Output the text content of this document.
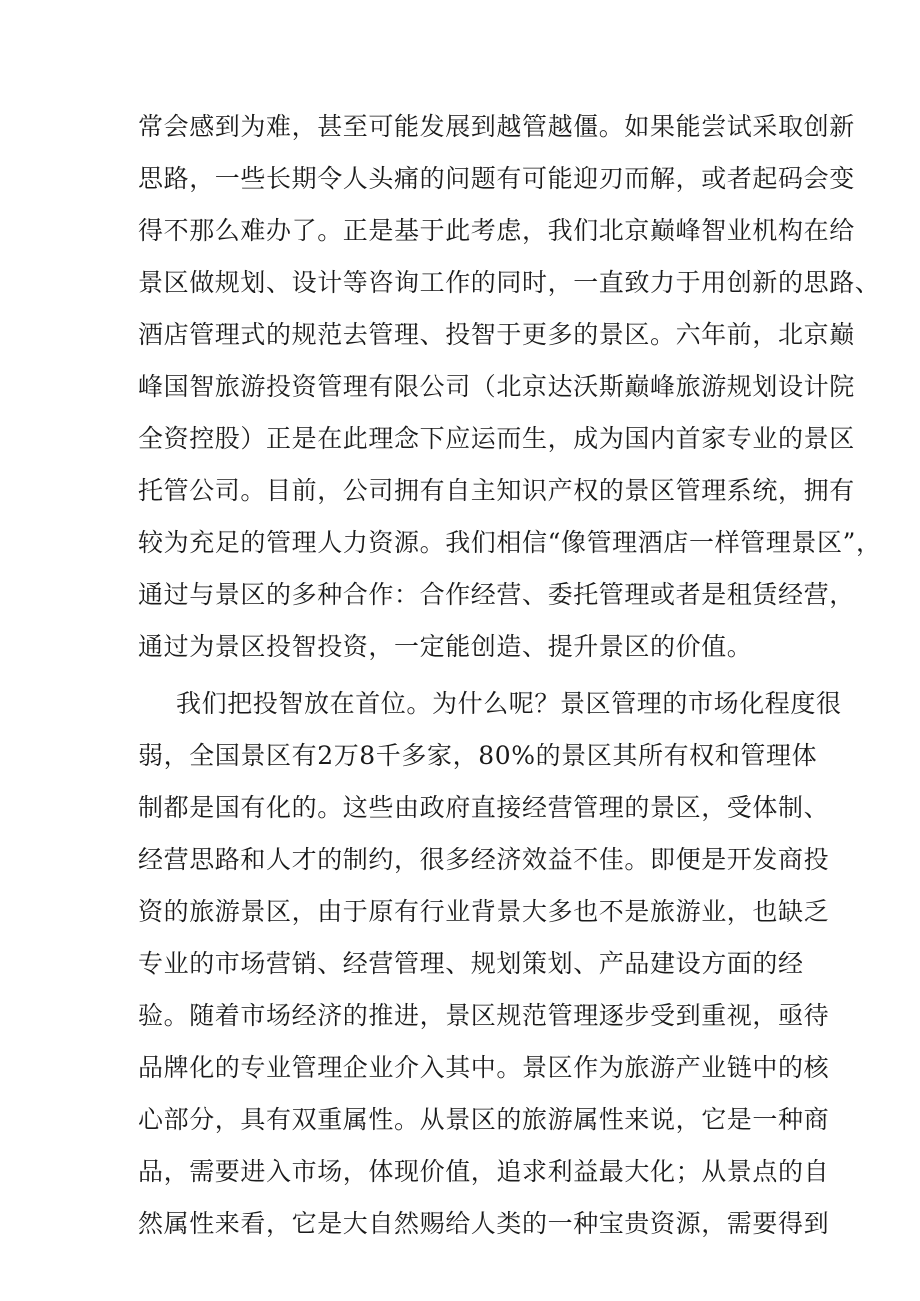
常会感到为难，甚至可能发展到越管越僵。如果能尝试采取创新
思路，一些长期令人头痛的问题有可能迎刃而解，或者起码会变
得不那么难办了。正是基于此考虑，我们北京巅峰智业机构在给
景区做规划、设计等咨询工作的同时，一直致力于用创新的思路、
酒店管理式的规范去管理、投智于更多的景区。六年前，北京巅
峰国智旅游投资管理有限公司（北京达沃斯巅峰旅游规划设计院
全资控股）正是在此理念下应运而生，成为国内首家专业的景区
托管公司。目前，公司拥有自主知识产权的景区管理系统，拥有
较为充足的管理人力资源。我们相信“像管理酒店一样管理景区”，
通过与景区的多种合作：合作经营、委托管理或者是租赁经营，
通过为景区投智投资，一定能创造、提升景区的价值。
我们把投智放在首位。为什么呢？景区管理的市场化程度很
弱，全国景区有2万8千多家，80%的景区其所有权和管理体
制都是国有化的。这些由政府直接经营管理的景区，受体制、
经营思路和人才的制约，很多经济效益不佳。即便是开发商投
资的旅游景区，由于原有行业背景大多也不是旅游业，也缺乏
专业的市场营销、经营管理、规划策划、产品建设方面的经
验。随着市场经济的推进，景区规范管理逐步受到重视，亟待
品牌化的专业管理企业介入其中。景区作为旅游产业链中的核
心部分，具有双重属性。从景区的旅游属性来说，它是一种商
品，需要进入市场，体现价值，追求利益最大化；从景点的自
然属性来看，它是大自然赐给人类的一种宝贵资源，需要得到
